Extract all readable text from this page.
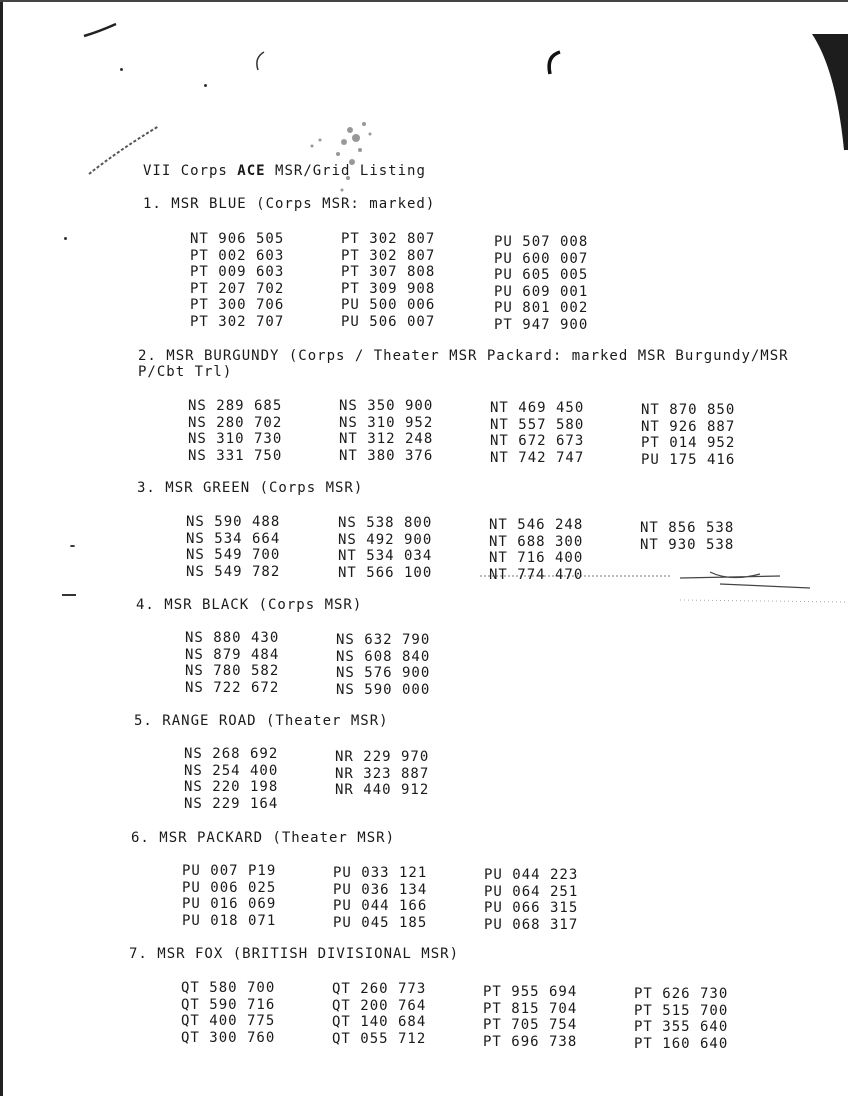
VII Corps ACE MSR/Grid Listing
1. MSR BLUE (Corps MSR: marked)
NT 906 505
PT 002 603
PT 009 603
PT 207 702
PT 300 706
PT 302 707
PT 302 807
PT 302 807
PT 307 808
PT 309 908
PU 500 006
PU 506 007
PU 507 008
PU 600 007
PU 605 005
PU 609 001
PU 801 002
PT 947 900
2. MSR BURGUNDY (Corps / Theater MSR Packard: marked MSR Burgundy/MSR P/Cbt Trl)
NS 289 685
NS 280 702
NS 310 730
NS 331 750
NS 350 900
NS 310 952
NT 312 248
NT 380 376
NT 469 450
NT 557 580
NT 672 673
NT 742 747
NT 870 850
NT 926 887
PT 014 952
PU 175 416
3. MSR GREEN (Corps MSR)
NS 590 488
NS 534 664
NS 549 700
NS 549 782
NS 538 800
NS 492 900
NT 534 034
NT 566 100
NT 546 248
NT 688 300
NT 716 400
NT 774 470
NT 856 538
NT 930 538
4. MSR BLACK (Corps MSR)
NS 880 430
NS 879 484
NS 780 582
NS 722 672
NS 632 790
NS 608 840
NS 576 900
NS 590 000
5. RANGE ROAD (Theater MSR)
NS 268 692
NS 254 400
NS 220 198
NS 229 164
NR 229 970
NR 323 887
NR 440 912
6. MSR PACKARD (Theater MSR)
PU 007 P19
PU 006 025
PU 016 069
PU 018 071
PU 033 121
PU 036 134
PU 044 166
PU 045 185
PU 044 223
PU 064 251
PU 066 315
PU 068 317
7. MSR FOX (BRITISH DIVISIONAL MSR)
QT 580 700
QT 590 716
QT 400 775
QT 300 760
QT 260 773
QT 200 764
QT 140 684
QT 055 712
PT 955 694
PT 815 704
PT 705 754
PT 696 738
PT 626 730
PT 515 700
PT 355 640
PT 160 640
